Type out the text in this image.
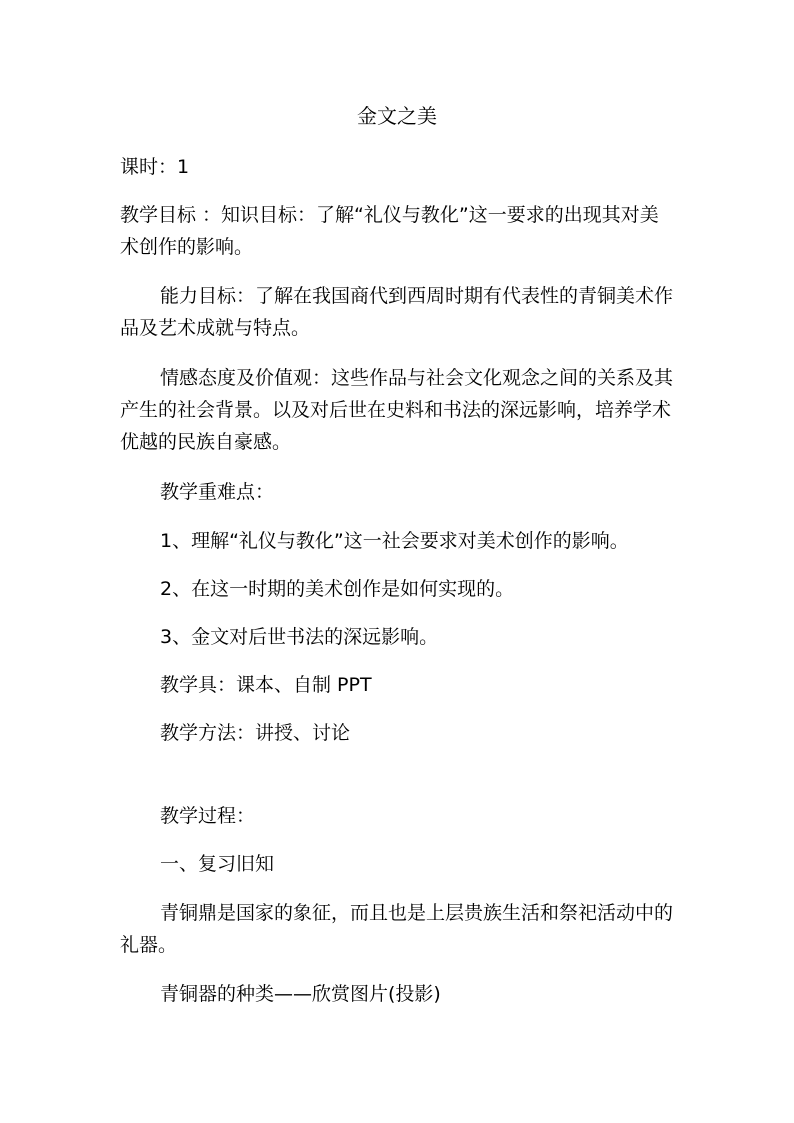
金文之美

课时：1

教学目标 ：知识目标：了解“礼仪与教化”这一要求的出现其对美术创作的影响。

能力目标：了解在我国商代到西周时期有代表性的青铜美术作品及艺术成就与特点。

情感态度及价值观：这些作品与社会文化观念之间的关系及其产生的社会背景。以及对后世在史料和书法的深远影响，培养学术优越的民族自豪感。

教学重难点：

1、理解“礼仪与教化”这一社会要求对美术创作的影响。

2、在这一时期的美术创作是如何实现的。

3、金文对后世书法的深远影响。

教学具：课本、自制 PPT

教学方法：讲授、讨论

教学过程：

一、复习旧知

青铜鼎是国家的象征，而且也是上层贵族生活和祭祀活动中的礼器。

青铜器的种类——欣赏图片(投影)
